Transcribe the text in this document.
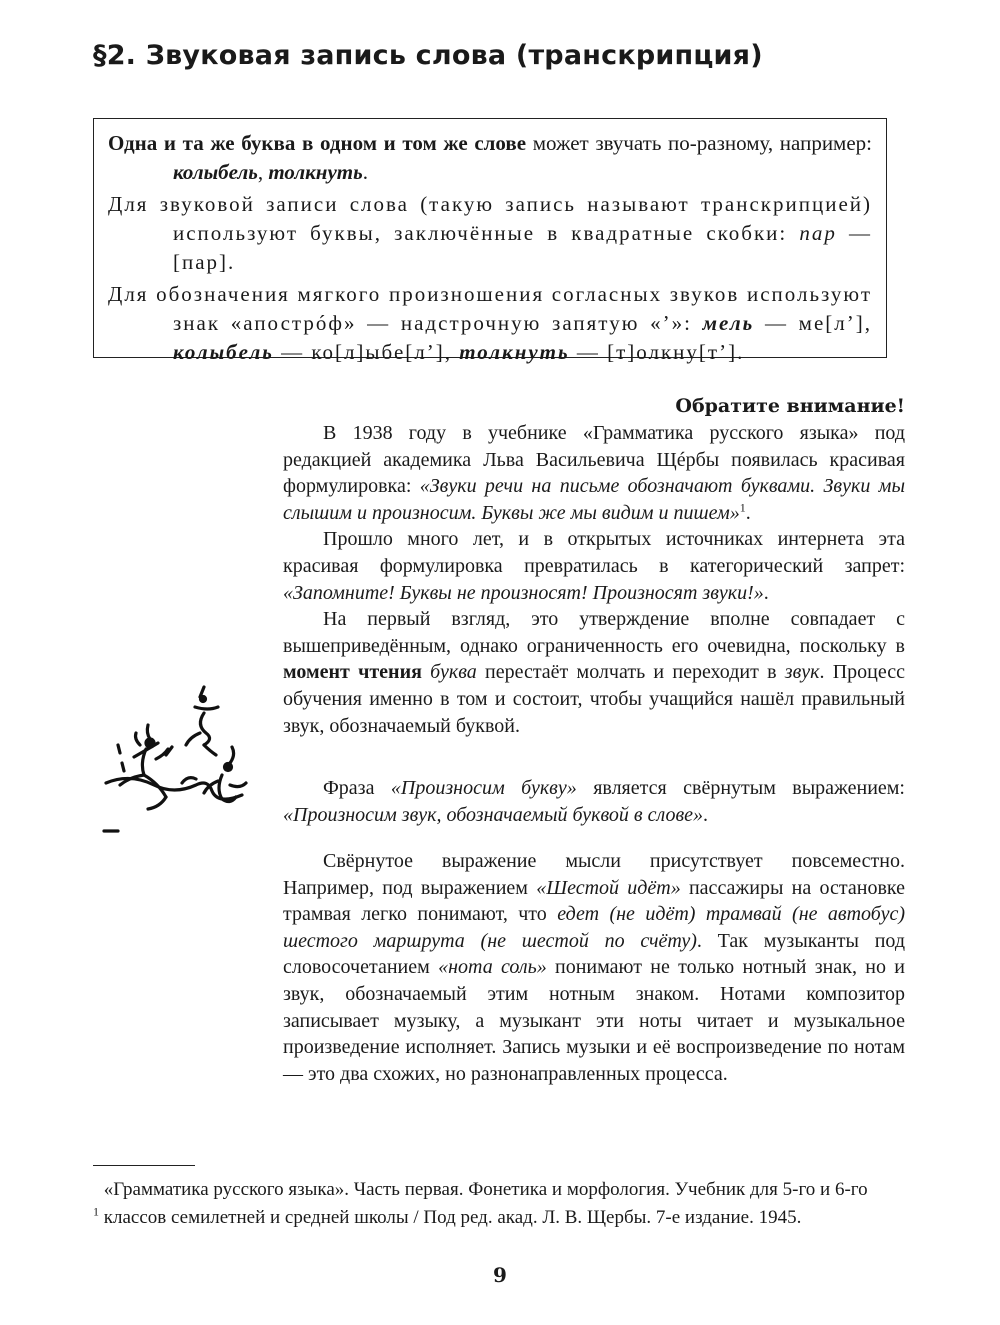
§2. Звуковая запись слова (транскрипция)

Одна и та же буква в одном и том же слове может звучать по-разному, например: колыбель, толкнуть.

Для звуковой записи слова (такую запись называют транскрипцией) используют буквы, заключённые в квадратные скобки: пар — [пар].

Для обозначения мягкого произношения согласных звуков используют знак «апострóф» — надстрочную запятую «’»: мель — ме[л’], колыбель — ко[л]ыбе[л’], толкнуть — [т]олкну[т’].

Обратите внимание!

В 1938 году в учебнике «Грамматика русского языка» под редакцией академика Льва Васильевича Щéрбы появилась красивая формулировка: «Звуки речи на письме обозначают буквами. Звуки мы слышим и произносим. Буквы же мы видим и пишем»$^1$.

Прошло много лет, и в открытых источниках интернета эта красивая формулировка превратилась в категорический запрет: «Запомните! Буквы не произносят! Произносят звуки!».

На первый взгляд, это утверждение вполне совпадает с вышеприведённым, однако ограниченность его очевидна, поскольку в момент чтения буква перестаёт молчать и переходит в звук. Процесс обучения именно в том и состоит, чтобы учащийся нашёл правильный звук, обозначаемый буквой.

Фраза «Произносим букву» является свёрнутым выражением: «Произносим звук, обозначаемый буквой в слове».

Свёрнутое выражение мысли присутствует повсеместно. Например, под выражением «Шестой идёт» пассажиры на остановке трамвая легко понимают, что едет (не идёт) трамвай (не автобус) шестого маршрута (не шестой по счёту). Так музыканты под словосочетанием «нота соль» понимают не только нотный знак, но и звук, обозначаемый этим нотным знаком. Нотами композитор записывает музыку, а музыкант эти ноты читает и музыкальное произведение исполняет. Запись музыки и её воспроизведение по нотам — это два схожих, но разнонаправленных процесса.

$^1$ «Грамматика русского языка». Часть первая. Фонетика и морфология. Учебник для 5-го и 6-го классов семилетней и средней школы / Под ред. акад. Л. В. Щербы. 7-е издание. 1945.

9
